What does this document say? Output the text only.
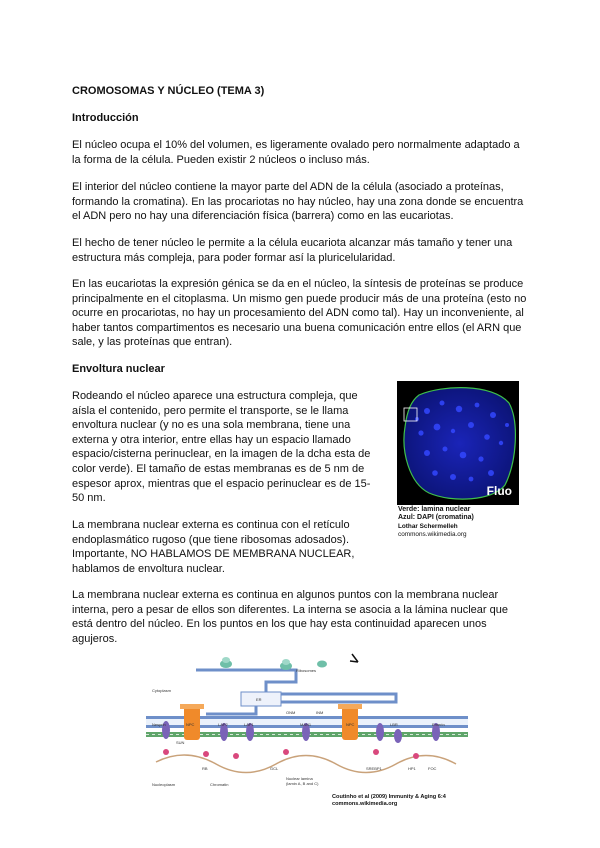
CROMOSOMAS Y NÚCLEO (TEMA 3)
Introducción

El núcleo ocupa el 10% del volumen, es ligeramente ovalado pero normalmente adaptado a la forma de la célula. Pueden existir 2 núcleos o incluso más.

El interior del núcleo contiene la mayor parte del ADN de la célula (asociado a proteínas, formando la cromatina). En las procariotas no hay núcleo, hay una zona donde se encuentra el ADN pero no hay una diferenciación física (barrera) como en las eucariotas.

El hecho de tener núcleo le permite a la célula eucariota alcanzar más tamaño y tener una estructura más compleja, para poder formar así la pluricelularidad.

En las eucariotas la expresión génica se da en el núcleo, la síntesis de proteínas se produce principalmente en el citoplasma. Un mismo gen puede producir más de una proteína (esto no ocurre en procariotas, no hay un procesamiento del ADN como tal). Hay un inconveniente, al haber tantos compartimentos es necesario una buena comunicación entre ellos (el ARN que sale, y las proteínas que entran).

Envoltura nuclear

Rodeando el núcleo aparece una estructura compleja, que aísla el contenido, pero permite el transporte, se le llama envoltura nuclear (y no es una sola membrana, tiene una externa y otra interior, entre ellas hay un espacio llamado espacio/cisterna perinuclear, en la imagen de la dcha esta de color verde). El tamaño de estas membranas es de 5 nm de espesor aprox, mientras que el espacio perinuclear es de 15-50 nm.

La membrana nuclear externa es continua con el retículo endoplasmático rugoso (que tiene ribosomas adosados). Importante, NO HABLAMOS DE MEMBRANA NUCLEAR, hablamos de envoltura nuclear.

La membrana nuclear externa es continua en algunos puntos con la membrana nuclear interna, pero a pesar de ellos son diferentes. La interna se asocia a la lámina nuclear que está dentro del núcleo. En los puntos en los que hay esta continuidad aparecen unos agujeros.

Fluo
Verde: lamina nuclear
Azul: DAPI (cromatina)
Lothar Schermelleh
commons.wikimedia.org
Ribosomes
Cytoplasm
ER
ONM	INM
Nesprin	NPC	NPC
LAP2	LAP1	MAN1	LBR	Emerin
SUN
RB	GCL	SREBP1	HP1	FOC
Nucleoplasm	Chromatin
Nuclear lamina
(lamin A, B and C)
Coutinho et al (2009) Immunity & Aging 6:4
commons.wikimedia.org
